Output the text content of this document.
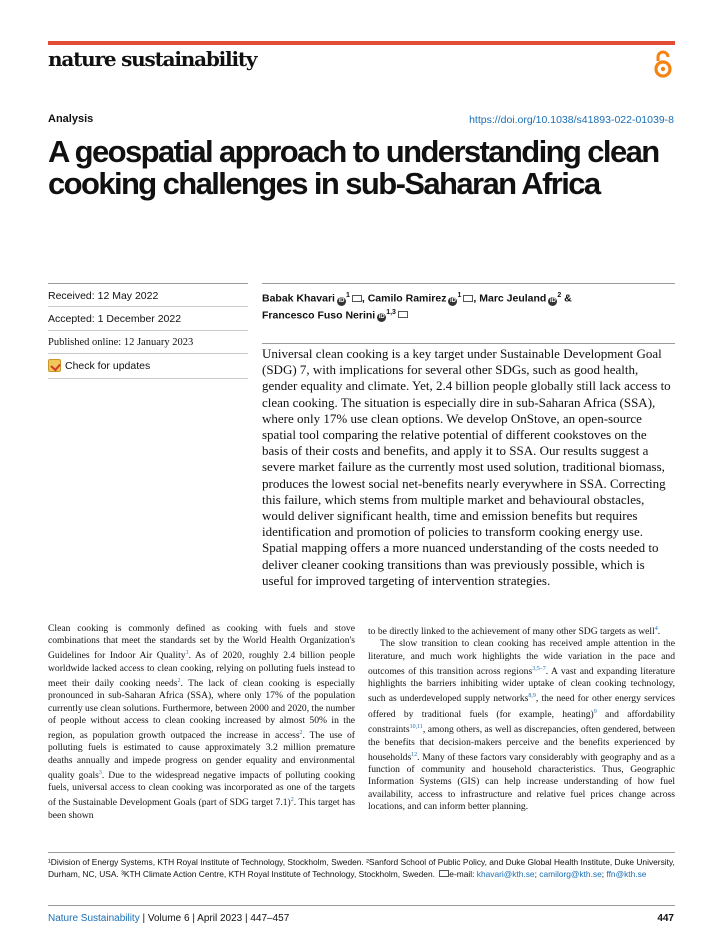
nature sustainability
Analysis	https://doi.org/10.1038/s41893-022-01039-8
A geospatial approach to understanding clean cooking challenges in sub-Saharan Africa
Received: 12 May 2022
Accepted: 1 December 2022
Published online: 12 January 2023
Check for updates
Babak Khavari $iD^1$ , Camilo Ramirez $iD^1$ , Marc Jeuland $iD^2$ &
Francesco Fuso Nerini iD$^{1,3}$

Universal clean cooking is a key target under Sustainable Development Goal (SDG) 7, with implications for several other SDGs, such as good health, gender equality and climate. Yet, 2.4 billion people globally still lack access to clean cooking. The situation is especially dire in sub-Saharan Africa (SSA), where only 17% use clean options. We develop OnStove, an open-source spatial tool comparing the relative potential of different cookstoves on the basis of their costs and benefits, and apply it to SSA. Our results suggest a severe market failure as the currently most used solution, traditional biomass, produces the lowest social net-benefits nearly everywhere in SSA. Correcting this failure, which stems from multiple market and behavioural obstacles, would deliver significant health, time and emission benefits but requires identification and promotion of policies to transform cooking energy use. Spatial mapping offers a more nuanced understanding of the costs needed to deliver cleaner cooking transitions than was previously possible, which is useful for improved targeting of intervention strategies.

Clean cooking is commonly defined as cooking with fuels and stove combinations that meet the standards set by the World Health Organization's Guidelines for Indoor Air Quality$^1$. As of 2020, roughly 2.4 billion people worldwide lacked access to clean cooking, relying on polluting fuels instead to meet their daily cooking needs$^2$. The lack of clean cooking is especially pronounced in sub-Saharan Africa (SSA), where only 17% of the population currently use clean solutions. Furthermore, between 2000 and 2020, the number of people without access to clean cooking increased by almost 50% in the region, as population growth outpaced the increase in access$^2$. The use of polluting fuels is estimated to cause approximately 3.2 million premature deaths annually and impede progress on gender equality and environmental quality goals$^3$. Due to the widespread negative impacts of polluting cooking fuels, universal access to clean cooking was incorporated as one of the targets of the Sustainable Development Goals (part of SDG target 7.1)$^2$. This target has been shown

to be directly linked to the achievement of many other SDG targets as well$^4$.

The slow transition to clean cooking has received ample attention in the literature, and much work highlights the wide variation in the pace and outcomes of this transition across regions$^{3,5-7}$. A vast and expanding literature highlights the barriers inhibiting wider uptake of clean cooking technology, such as underdeveloped supply networks$^{8,9}$, the need for other energy services offered by traditional fuels (for example, heating)$^9$ and affordability constraints$^{10,11}$, among others, as well as discrepancies, often gendered, between the benefits that decision-makers perceive and the benefits experienced by households$^{12}$. Many of these factors vary considerably with geography and as a function of community and household characteristics. Thus, Geographic Information Systems (GIS) can help increase understanding of how fuel availability, access to infrastructure and relative fuel prices change across locations, and can inform better planning.

¹Division of Energy Systems, KTH Royal Institute of Technology, Stockholm, Sweden. ²Sanford School of Public Policy, and Duke Global Health Institute, Duke University, Durham, NC, USA. ³KTH Climate Action Centre, KTH Royal Institute of Technology, Stockholm, Sweden. e-mail: khavari@kth.se; camilorg@kth.se; ffn@kth.se
Nature Sustainability | Volume 6 | April 2023 | 447–457	447
